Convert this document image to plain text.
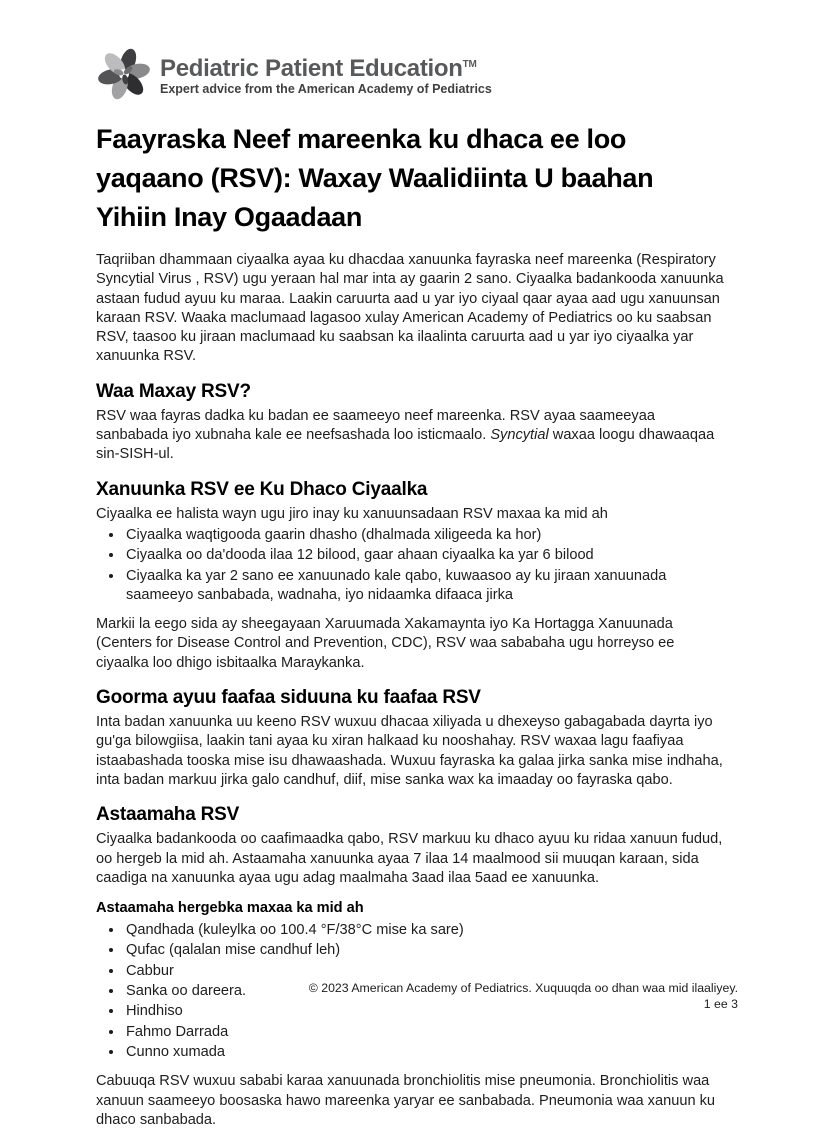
Pediatric Patient Education™
Expert advice from the American Academy of Pediatrics
Faayraska Neef mareenka ku dhaca ee loo
yaqaano (RSV): Waxay Waalidiinta U baahan
Yihiin Inay Ogaadaan

Taqriiban dhammaan ciyaalka ayaa ku dhacdaa xanuunka fayraska neef mareenka (Respiratory Syncytial Virus , RSV) ugu yeraan hal mar inta ay gaarin 2 sano. Ciyaalka badankooda xanuunka astaan fudud ayuu ku maraa. Laakin caruurta aad u yar iyo ciyaal qaar ayaa aad ugu xanuunsan karaan RSV. Waaka maclumaad lagasoo xulay American Academy of Pediatrics oo ku saabsan RSV, taasoo ku jiraan maclumaad ku saabsan ka ilaalinta caruurta aad u yar iyo ciyaalka yar xanuunka RSV.

Waa Maxay RSV?

RSV waa fayras dadka ku badan ee saameeyo neef mareenka. RSV ayaa saameeyaa sanbabada iyo xubnaha kale ee neefsashada loo isticmaalo. Syncytial waxaa loogu dhawaaqaa sin-SISH-ul.

Xanuunka RSV ee Ku Dhaco Ciyaalka

Ciyaalka ee halista wayn ugu jiro inay ku xanuunsadaan RSV maxaa ka mid ah

• Ciyaalka waqtigooda gaarin dhasho (dhalmada xiligeeda ka hor)
• Ciyaalka oo da'dooda ilaa 12 bilood, gaar ahaan ciyaalka ka yar 6 bilood
• Ciyaalka ka yar 2 sano ee xanuunado kale qabo, kuwaasoo ay ku jiraan xanuunada saameeyo sanbabada, wadnaha, iyo nidaamka difaaca jirka

Markii la eego sida ay sheegayaan Xaruumada Xakamaynta iyo Ka Hortagga Xanuunada (Centers for Disease Control and Prevention, CDC), RSV waa sababaha ugu horreyso ee ciyaalka loo dhigo isbitaalka Maraykanka.

Goorma ayuu faafaa siduuna ku faafaa RSV

Inta badan xanuunka uu keeno RSV wuxuu dhacaa xiliyada u dhexeyso gabagabada dayrta iyo gu'ga bilowgiisa, laakin tani ayaa ku xiran halkaad ku nooshahay. RSV waxaa lagu faafiyaa istaabashada tooska mise isu dhawaashada. Wuxuu fayraska ka galaa jirka sanka mise indhaha, inta badan markuu jirka galo candhuf, diif, mise sanka wax ka imaaday oo fayraska qabo.

Astaamaha RSV

Ciyaalka badankooda oo caafimaadka qabo, RSV markuu ku dhaco ayuu ku ridaa xanuun fudud, oo hergeb la mid ah. Astaamaha xanuunka ayaa 7 ilaa 14 maalmood sii muuqan karaan, sida caadiga na xanuunka ayaa ugu adag maalmaha 3aad ilaa 5aad ee xanuunka.

Astaamaha hergebka maxaa ka mid ah
• Qandhada (kuleylka oo 100.4 °F/38°C mise ka sare)
• Qufac (qalalan mise candhuf leh)
• Cabbur
• Sanka oo dareera.
• Hindhiso
• Fahmo Darrada
• Cunno xumada

Cabuuqa RSV wuxuu sababi karaa xanuunada bronchiolitis mise pneumonia. Bronchiolitis waa xanuun saameeyo boosaska hawo mareenka yaryar ee sanbabada. Pneumonia waa xanuun ku dhaco sanbabada.

© 2023 American Academy of Pediatrics. Xuquuqda oo dhan waa mid ilaaliyey.
1 ee 3
